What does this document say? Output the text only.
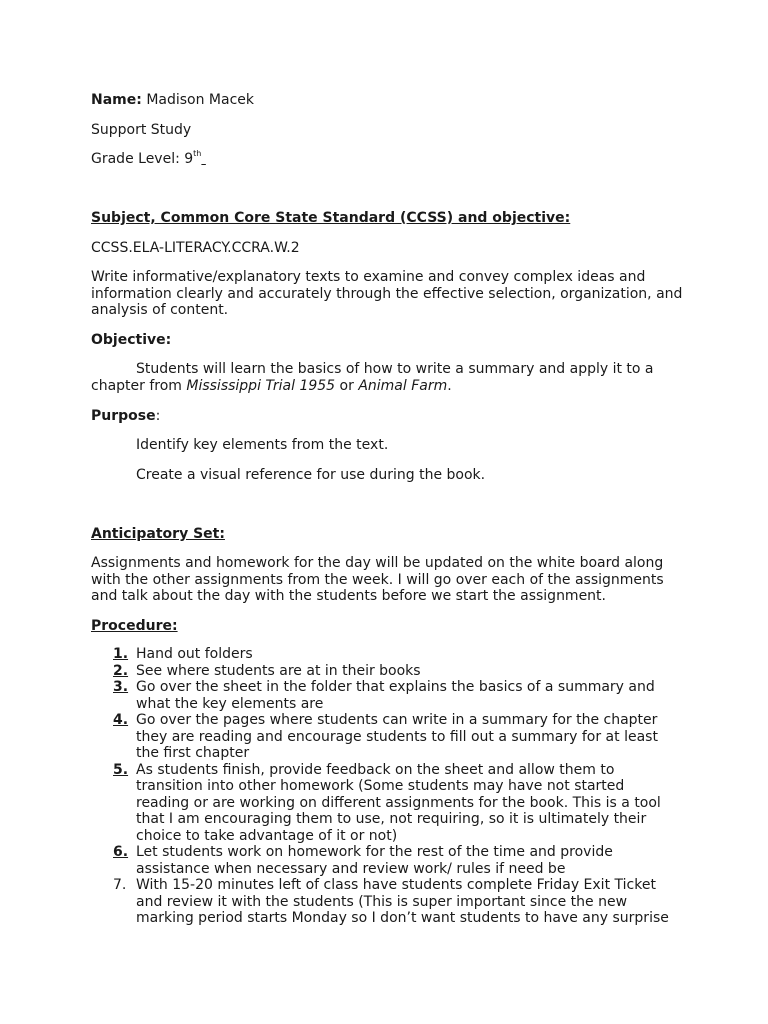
Name: Madison Macek

Support Study

Grade Level: 9th

Subject, Common Core State Standard (CCSS) and objective:

CCSS.ELA-LITERACY.CCRA.W.2

Write informative/explanatory texts to examine and convey complex ideas and information clearly and accurately through the effective selection, organization, and analysis of content.

Objective:

Students will learn the basics of how to write a summary and apply it to a chapter from Mississippi Trial 1955 or Animal Farm.

Purpose:

Identify key elements from the text.

Create a visual reference for use during the book.

Anticipatory Set:

Assignments and homework for the day will be updated on the white board along with the other assignments from the week. I will go over each of the assignments and talk about the day with the students before we start the assignment.

Procedure:

1. Hand out folders
2. See where students are at in their books
3. Go over the sheet in the folder that explains the basics of a summary and what the key elements are
4. Go over the pages where students can write in a summary for the chapter they are reading and encourage students to fill out a summary for at least the first chapter
5. As students finish, provide feedback on the sheet and allow them to transition into other homework (Some students may have not started reading or are working on different assignments for the book. This is a tool that I am encouraging them to use, not requiring, so it is ultimately their choice to take advantage of it or not)
6. Let students work on homework for the rest of the time and provide assistance when necessary and review work/ rules if need be
7. With 15-20 minutes left of class have students complete Friday Exit Ticket and review it with the students (This is super important since the new marking period starts Monday so I don’t want students to have any surprise
